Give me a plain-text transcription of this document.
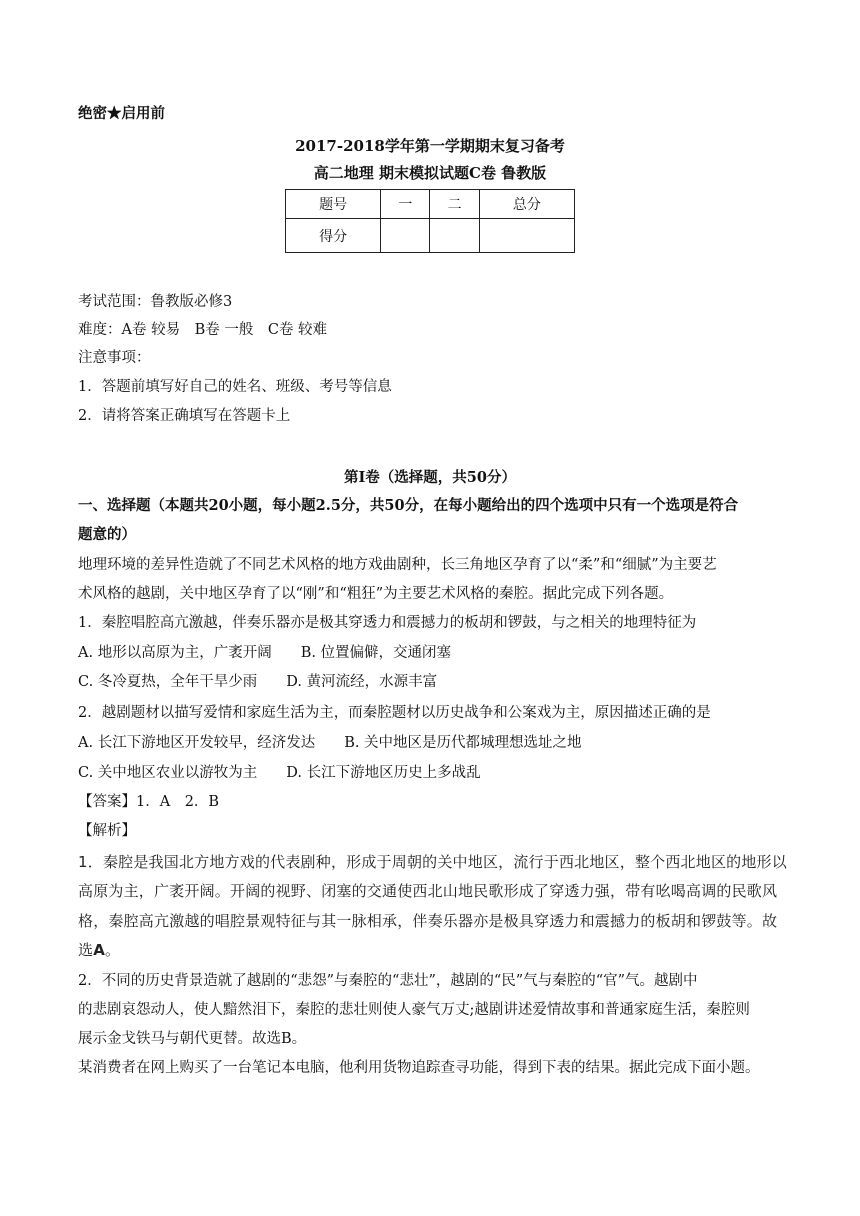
绝密★启用前
2017-2018学年第一学期期末复习备考
高二地理 期末模拟试题C卷 鲁教版
题号	一	二	总分
得分			
考试范围：鲁教版必修3
难度：A卷 较易　B卷 一般　C卷 较难
注意事项：
1．答题前填写好自己的姓名、班级、考号等信息
2．请将答案正确填写在答题卡上
第Ⅰ卷（选择题，共50分）
一、选择题（本题共20小题，每小题2.5分，共50分，在每小题给出的四个选项中只有一个选项是符合
题意的）
地理环境的差异性造就了不同艺术风格的地方戏曲剧种，长三角地区孕育了以“柔”和“细腻”为主要艺
术风格的越剧，关中地区孕育了以“刚”和“粗狂”为主要艺术风格的秦腔。据此完成下列各题。
1．秦腔唱腔高亢激越，伴奏乐器亦是极其穿透力和震撼力的板胡和锣鼓，与之相关的地理特征为
A. 地形以高原为主，广袤开阔　　B. 位置偏僻，交通闭塞
C. 冬冷夏热，全年干旱少雨　　D. 黄河流经，水源丰富
2．越剧题材以描写爱情和家庭生活为主，而秦腔题材以历史战争和公案戏为主，原因描述正确的是
A. 长江下游地区开发较早，经济发达　　B. 关中地区是历代都城理想选址之地
C. 关中地区农业以游牧为主　　D. 长江下游地区历史上多战乱
【答案】1．A　2．B
【解析】
1．秦腔是我国北方地方戏的代表剧种，形成于周朝的关中地区，流行于西北地区，整个西北地区的地形以
高原为主，广袤开阔。开阔的视野、闭塞的交通使西北山地民歌形成了穿透力强，带有吆喝高调的民歌风
格，秦腔高亢激越的唱腔景观特征与其一脉相承，伴奏乐器亦是极具穿透力和震撼力的板胡和锣鼓等。故
选A。
2．不同的历史背景造就了越剧的“悲怨”与秦腔的“悲壮”，越剧的“民”气与秦腔的“官”气。越剧中
的悲剧哀怨动人，使人黯然泪下，秦腔的悲壮则使人豪气万丈;越剧讲述爱情故事和普通家庭生活，秦腔则
展示金戈铁马与朝代更替。故选B。
某消费者在网上购买了一台笔记本电脑，他利用货物追踪查寻功能，得到下表的结果。据此完成下面小题。
